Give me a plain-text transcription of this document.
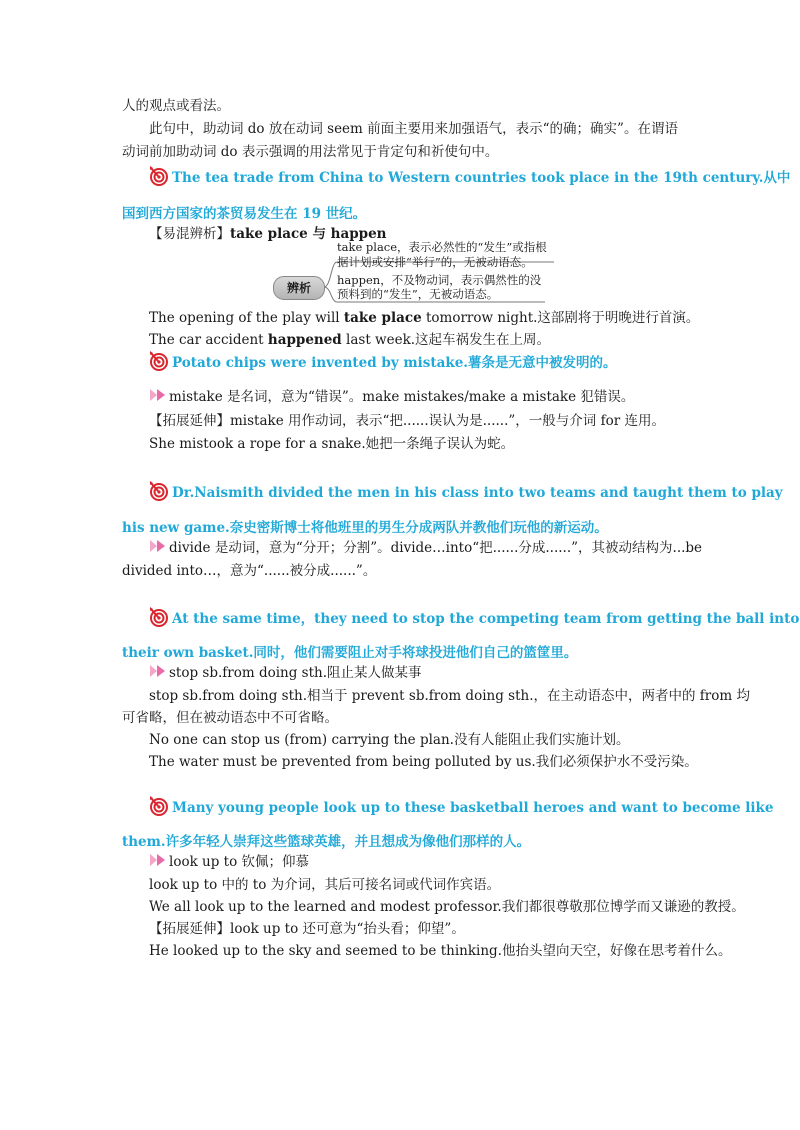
人的观点或看法。
此句中，助动词 do 放在动词 seem 前面主要用来加强语气，表示“的确；确实”。在谓语
动词前加助动词 do 表示强调的用法常见于肯定句和祈使句中。
The tea trade from China to Western countries took place in the 19th century.从中
国到西方国家的茶贸易发生在 19 世纪。
【易混辨析】take place 与 happen
辨析
take place，表示必然性的“发生”或指根
据计划或安排“举行”的，无被动语态。
happen，不及物动词，表示偶然性的没
预料到的“发生”，无被动语态。
The opening of the play will take place tomorrow night.这部剧将于明晚进行首演。
The car accident happened last week.这起车祸发生在上周。
Potato chips were invented by mistake.薯条是无意中被发明的。
mistake 是名词，意为“错误”。make mistakes/make a mistake 犯错误。
【拓展延伸】mistake 用作动词，表示“把......误认为是......”，一般与介词 for 连用。
She mistook a rope for a snake.她把一条绳子误认为蛇。
Dr.Naismith divided the men in his class into two teams and taught them to play
his new game.奈史密斯博士将他班里的男生分成两队并教他们玩他的新运动。
divide 是动词，意为“分开；分割”。divide…into“把......分成......”，其被动结构为...be
divided into…，意为“......被分成......”。
At the same time，they need to stop the competing team from getting the ball into
their own basket.同时，他们需要阻止对手将球投进他们自己的篮筐里。
stop sb.from doing sth.阻止某人做某事
stop sb.from doing sth.相当于 prevent sb.from doing sth.，在主动语态中，两者中的 from 均
可省略，但在被动语态中不可省略。
No one can stop us (from) carrying the plan.没有人能阻止我们实施计划。
The water must be prevented from being polluted by us.我们必须保护水不受污染。
Many young people look up to these basketball heroes and want to become like
them.许多年轻人崇拜这些篮球英雄，并且想成为像他们那样的人。
look up to 钦佩；仰慕
look up to 中的 to 为介词，其后可接名词或代词作宾语。
We all look up to the learned and modest professor.我们都很尊敬那位博学而又谦逊的教授。
【拓展延伸】look up to 还可意为“抬头看；仰望”。
He looked up to the sky and seemed to be thinking.他抬头望向天空，好像在思考着什么。
